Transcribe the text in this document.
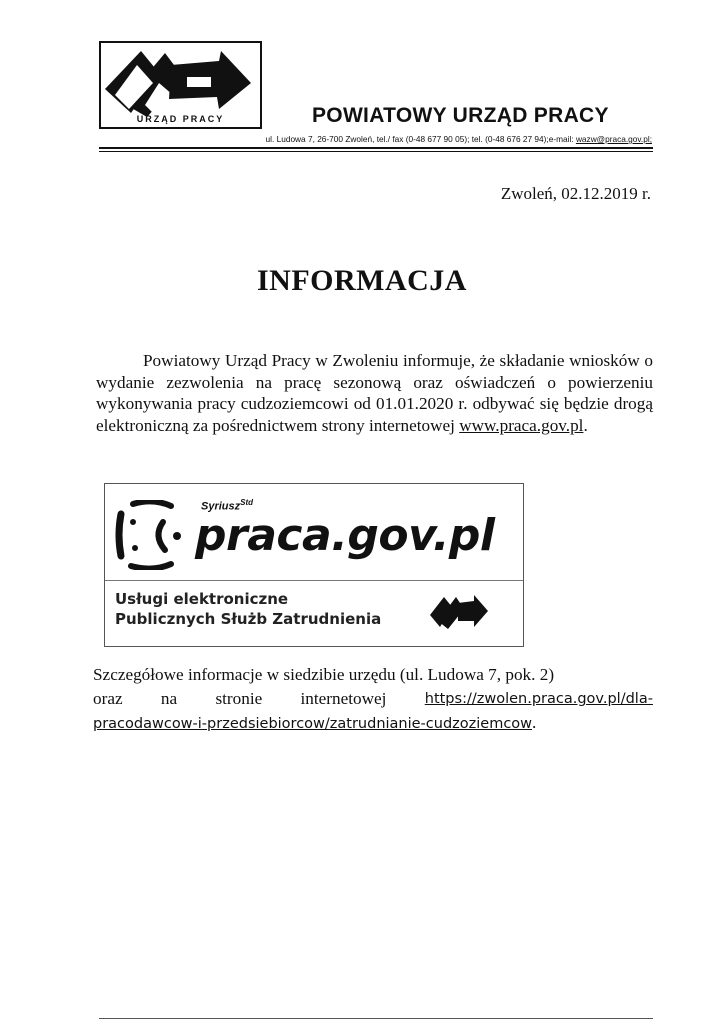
URZĄD PRACY	POWIATOWY URZĄD PRACY
ul. Ludowa 7, 26-700 Zwoleń, tel./ fax (0-48 677 90 05); tel. (0-48 676 27 94);e-mail: wazw@praca.gov.pl;
Zwoleń, 02.12.2019 r.
INFORMACJA

Powiatowy Urząd Pracy w Zwoleniu informuje, że składanie wniosków o wydanie zezwolenia na pracę sezonową oraz oświadczeń o powierzeniu wykonywania pracy cudzoziemcowi od 01.01.2020 r. odbywać się będzie drogą elektroniczną za pośrednictwem strony internetowej www.praca.gov.pl.

Syriusz$^{Std}$
praca.gov.pl
Usługi elektroniczne
Publicznych Służb Zatrudnienia
Szczegółowe informacje w siedzibie urzędu (ul. Ludowa 7, pok. 2)
oraz na stronie internetowej	https://zwolen.praca.gov.pl/dla-
pracodawcow-i-przedsiebiorcow/zatrudnianie-cudzoziemcow.
